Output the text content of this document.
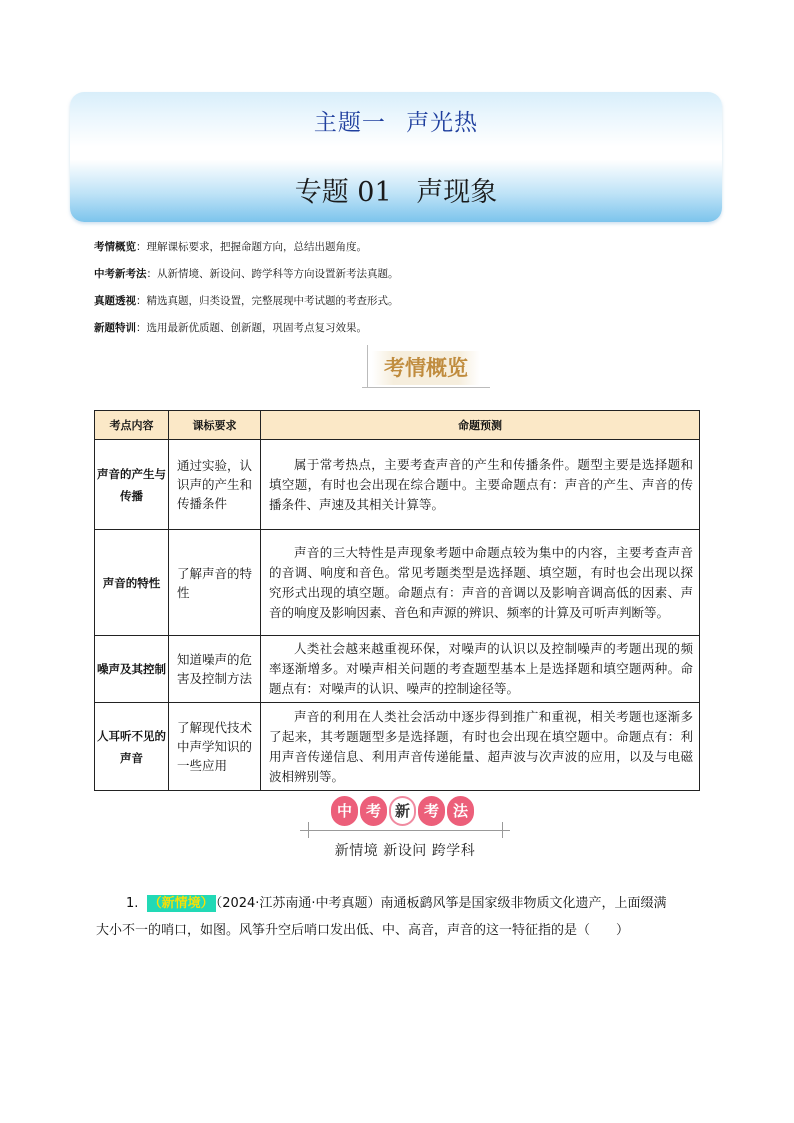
主题一 声光热
专题 01 声现象
考情概览：理解课标要求，把握命题方向，总结出题角度。
中考新考法：从新情境、新设问、跨学科等方向设置新考法真题。
真题透视：精选真题，归类设置，完整展现中考试题的考查形式。
新题特训：选用最新优质题、创新题，巩固考点复习效果。
考情概览
考点内容	课标要求	命题预测
声音的产生与传播	通过实验，认识声的产生和传播条件	属于常考热点，主要考查声音的产生和传播条件。题型主要是选择题和填空题，有时也会出现在综合题中。主要命题点有：声音的产生、声音的传播条件、声速及其相关计算等。
声音的特性	了解声音的特性	声音的三大特性是声现象考题中命题点较为集中的内容，主要考查声音的音调、响度和音色。常见考题类型是选择题、填空题，有时也会出现以探究形式出现的填空题。命题点有：声音的音调以及影响音调高低的因素、声音的响度及影响因素、音色和声源的辨识、频率的计算及可听声判断等。
噪声及其控制	知道噪声的危害及控制方法	人类社会越来越重视环保，对噪声的认识以及控制噪声的考题出现的频率逐渐增多。对噪声相关问题的考查题型基本上是选择题和填空题两种。命题点有：对噪声的认识、噪声的控制途径等。
人耳听不见的声音	了解现代技术中声学知识的一些应用	声音的利用在人类社会活动中逐步得到推广和重视，相关考题也逐渐多了起来，其考题题型多是选择题，有时也会出现在填空题中。命题点有：利用声音传递信息、利用声音传递能量、超声波与次声波的应用，以及与电磁波相辨别等。
中 考 新 考 法
新情境 新设问 跨学科
1. （新情境） （2024·江苏南通·中考真题）南通板鹞风筝是国家级非物质文化遗产，上面缀满
大小不一的哨口，如图。风筝升空后哨口发出低、中、高音，声音的这一特征指的是（　　）
